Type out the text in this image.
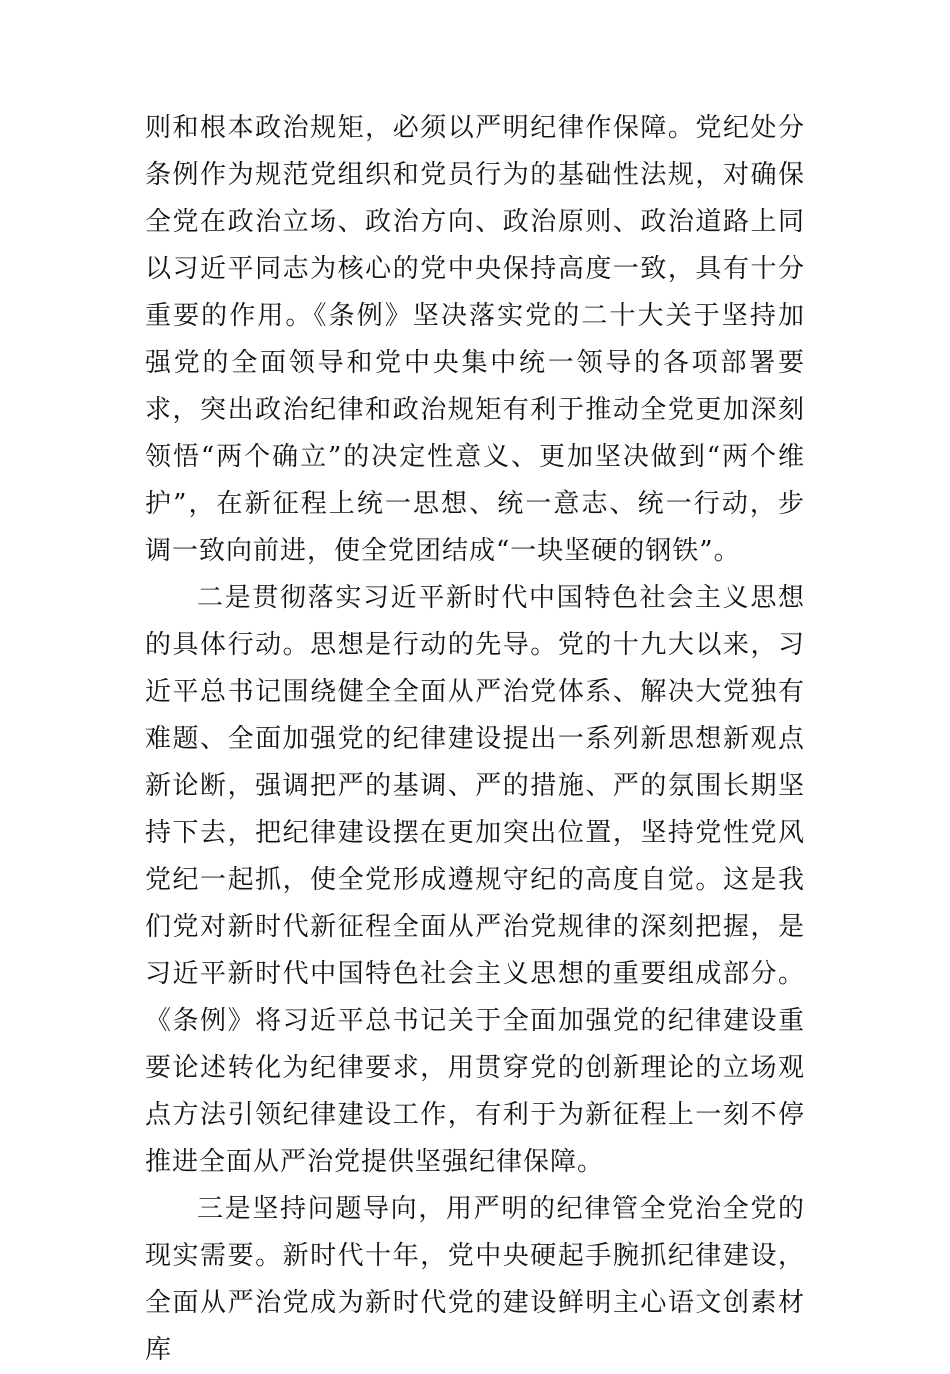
则和根本政治规矩，必须以严明纪律作保障。党纪处分条例作为规范党组织和党员行为的基础性法规，对确保全党在政治立场、政治方向、政治原则、政治道路上同以习近平同志为核心的党中央保持高度一致，具有十分重要的作用。《条例》坚决落实党的二十大关于坚持加强党的全面领导和党中央集中统一领导的各项部署要求，突出政治纪律和政治规矩有利于推动全党更加深刻领悟“两个确立”的决定性意义、更加坚决做到“两个维护”，在新征程上统一思想、统一意志、统一行动，步调一致向前进，使全党团结成“一块坚硬的钢铁”。

二是贯彻落实习近平新时代中国特色社会主义思想的具体行动。思想是行动的先导。党的十九大以来，习近平总书记围绕健全全面从严治党体系、解决大党独有难题、全面加强党的纪律建设提出一系列新思想新观点新论断，强调把严的基调、严的措施、严的氛围长期坚持下去，把纪律建设摆在更加突出位置，坚持党性党风党纪一起抓，使全党形成遵规守纪的高度自觉。这是我们党对新时代新征程全面从严治党规律的深刻把握，是习近平新时代中国特色社会主义思想的重要组成部分。《条例》将习近平总书记关于全面加强党的纪律建设重要论述转化为纪律要求，用贯穿党的创新理论的立场观点方法引领纪律建设工作，有利于为新征程上一刻不停推进全面从严治党提供坚强纪律保障。

三是坚持问题导向，用严明的纪律管全党治全党的现实需要。新时代十年，党中央硬起手腕抓纪律建设，全面从严治党成为新时代党的建设鲜明主心语文创素材库
